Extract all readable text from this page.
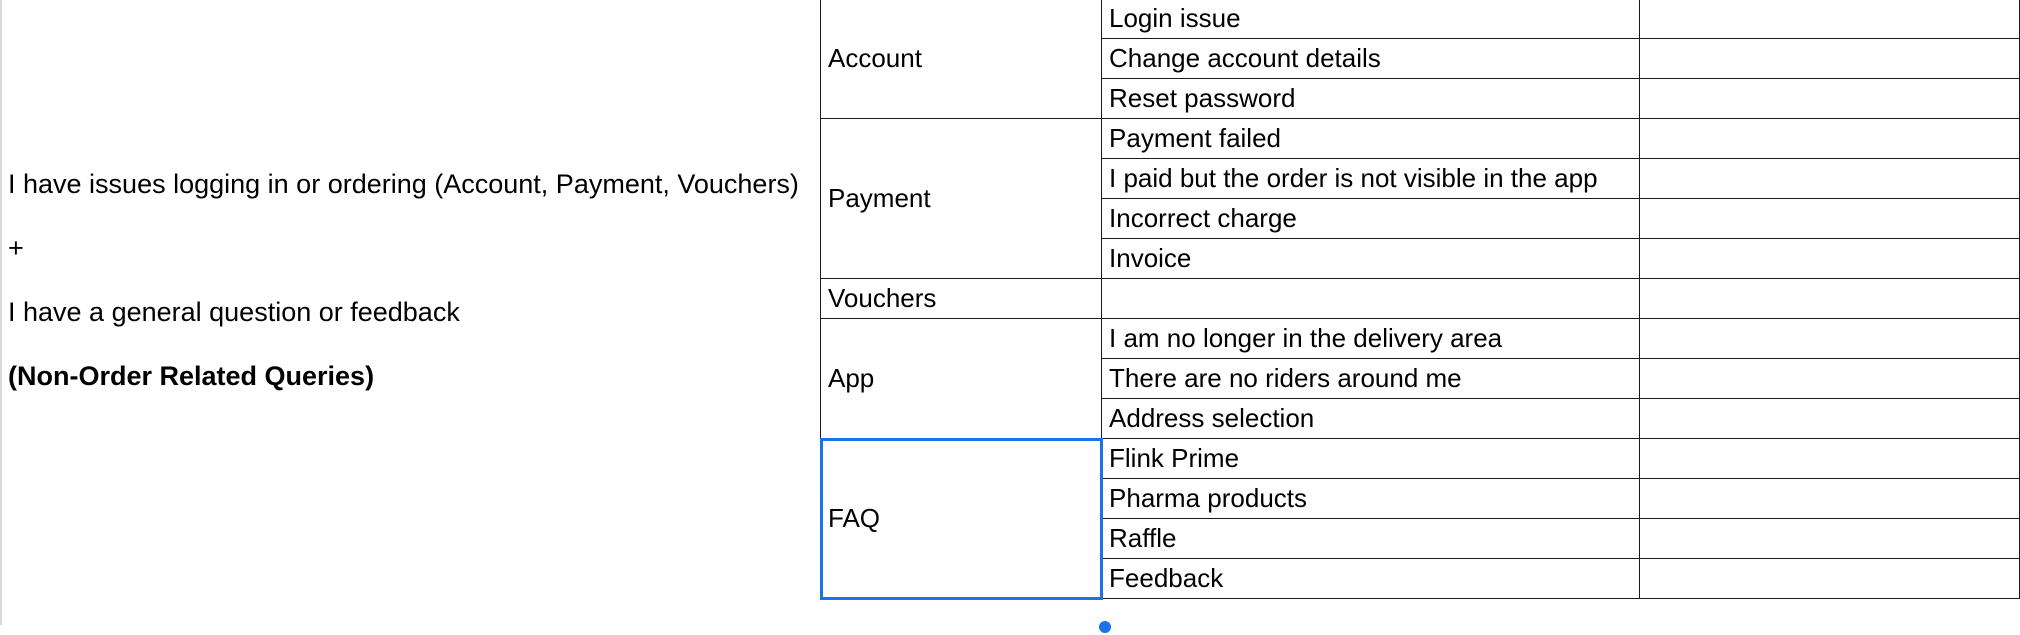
I have issues logging in or ordering (Account, Payment, Vouchers)
+
I have a general question or feedback
(Non-Order Related Queries)
Account	Login issue	
	Change account details	
	Reset password	
Payment	Payment failed	
	I paid but the order is not visible in the app	
	Incorrect charge	
	Invoice	
Vouchers		
App	I am no longer in the delivery area	
	There are no riders around me	
	Address selection	
FAQ	Flink Prime	
	Pharma products	
	Raffle	
	Feedback	
